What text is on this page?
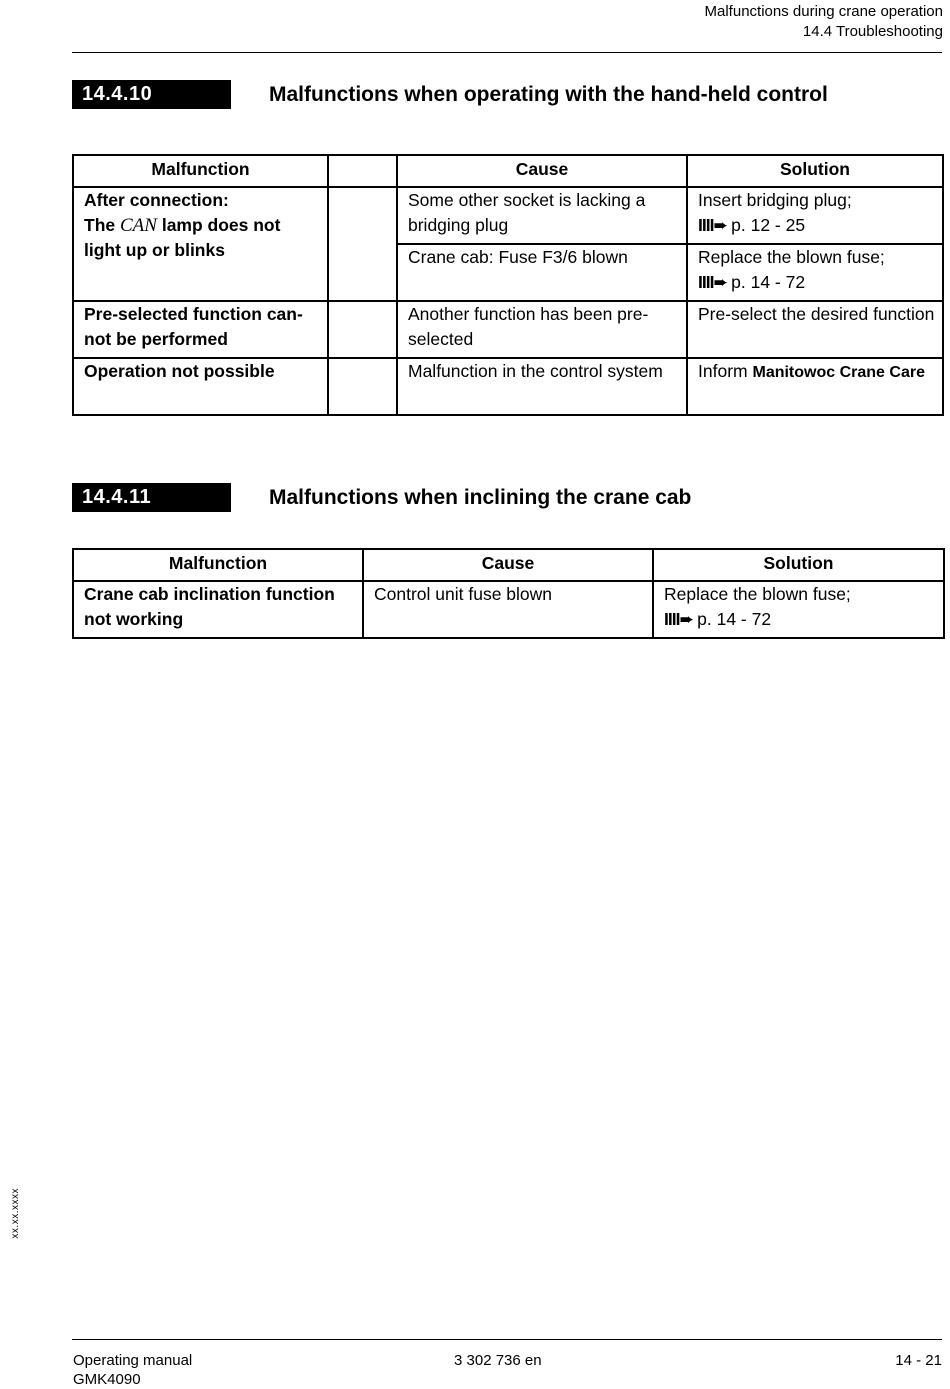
Malfunctions during crane operation
14.4 Troubleshooting
14.4.10	Malfunctions when operating with the hand-held control
Malfunction		Cause	Solution
After connection:
The CAN lamp does not light up or blinks		Some other socket is lacking a bridging plug	Insert bridging plug;
IIII➨ p. 12 - 25
		Crane cab: Fuse F3/6 blown	Replace the blown fuse;
IIII➨ p. 14 - 72
Pre-selected function can-not be performed		Another function has been pre-selected	Pre-select the desired function
Operation not possible		Malfunction in the control system	Inform Manitowoc Crane Care
14.4.11	Malfunctions when inclining the crane cab
Malfunction	Cause	Solution
Crane cab inclination function not working	Control unit fuse blown	Replace the blown fuse;
IIII➨ p. 14 - 72
xx.xx.xxxx
Operating manual
GMK4090
3 302 736 en	14 - 21
